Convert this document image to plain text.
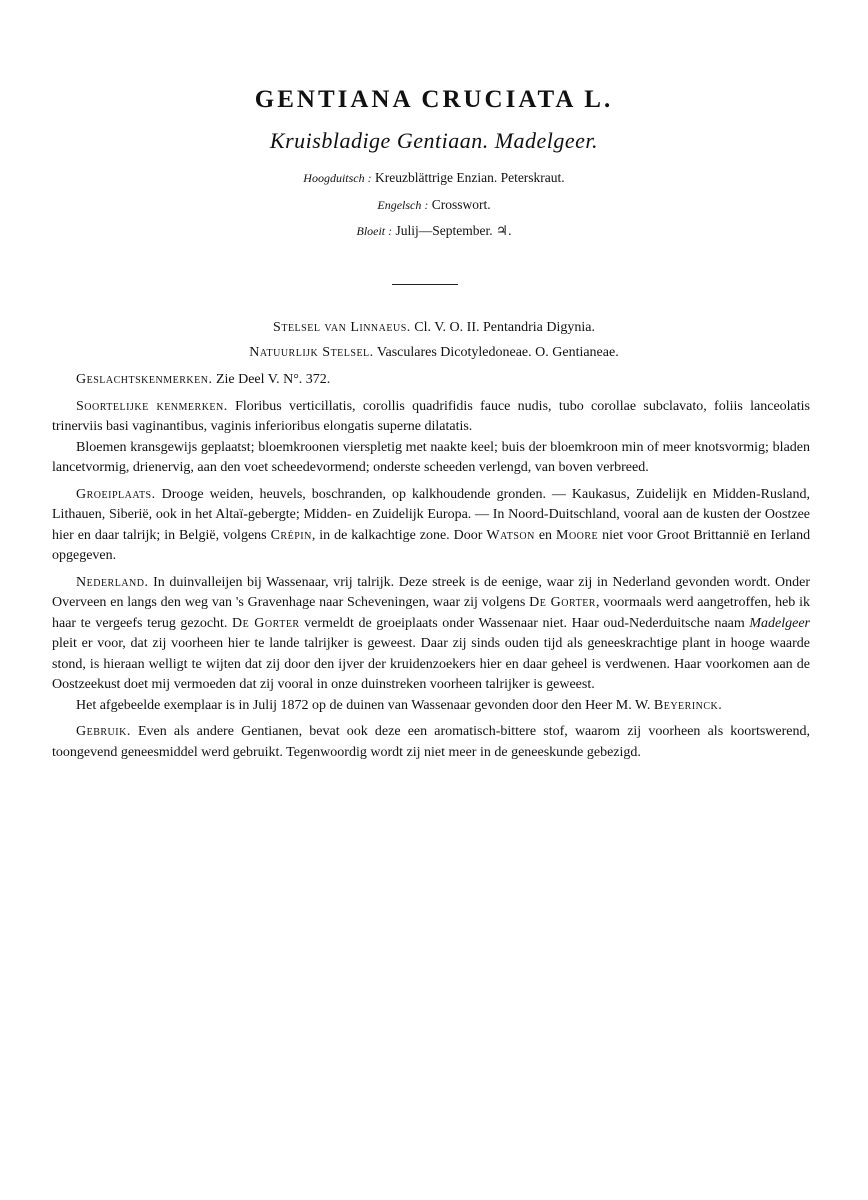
GENTIANA CRUCIATA L.
Kruisbladige Gentiaan. Madelgeer.
Hoogduitsch : Kreuzblättrige Enzian. Peterskraut.
Engelsch : Crosswort.
Bloeit : Julij—September. ♃.
Stelsel van Linnaeus. Cl. V. O. II. Pentandria Digynia.
Natuurlijk Stelsel. Vasculares Dicotyledoneae. O. Gentianeae.

Geslachtskenmerken. Zie Deel V. N°. 372.

Soortelijke kenmerken. Floribus verticillatis, corollis quadrifidis fauce nudis, tubo corollae subclavato, foliis lanceolatis trinerviis basi vaginantibus, vaginis inferioribus elongatis superne dilatatis.

Bloemen kransgewijs geplaatst; bloemkroonen vierspletig met naakte keel; buis der bloemkroon min of meer knotsvormig; bladen lancetvormig, drienervig, aan den voet scheedevormend; onderste scheeden verlengd, van boven verbreed.

Groeiplaats. Drooge weiden, heuvels, boschranden, op kalkhoudende gronden. — Kaukasus, Zuidelijk en Midden-Rusland, Lithauen, Siberië, ook in het Altaï-gebergte; Midden- en Zuidelijk Europa. — In Noord-Duitschland, vooral aan de kusten der Oostzee hier en daar talrijk; in België, volgens Crépin, in de kalkachtige zone. Door Watson en Moore niet voor Groot Brittannië en Ierland opgegeven.

Nederland. In duinvalleijen bij Wassenaar, vrij talrijk. Deze streek is de eenige, waar zij in Nederland gevonden wordt. Onder Overveen en langs den weg van 's Gravenhage naar Scheveningen, waar zij volgens De Gorter, voormaals werd aangetroffen, heb ik haar te vergeefs terug gezocht. De Gorter vermeldt de groeiplaats onder Wassenaar niet. Haar oud-Nederduitsche naam Madelgeer pleit er voor, dat zij voorheen hier te lande talrijker is geweest. Daar zij sinds ouden tijd als geneeskrachtige plant in hooge waarde stond, is hieraan welligt te wijten dat zij door den ijver der kruidenzoekers hier en daar geheel is verdwenen. Haar voorkomen aan de Oostzeekust doet mij vermoeden dat zij vooral in onze duinstreken voorheen talrijker is geweest.

Het afgebeelde exemplaar is in Julij 1872 op de duinen van Wassenaar gevonden door den Heer M. W. Beyerinck.

Gebruik. Even als andere Gentianen, bevat ook deze een aromatisch-bittere stof, waarom zij voorheen als koortswerend, toongevend geneesmiddel werd gebruikt. Tegenwoordig wordt zij niet meer in de geneeskunde gebezigd.
